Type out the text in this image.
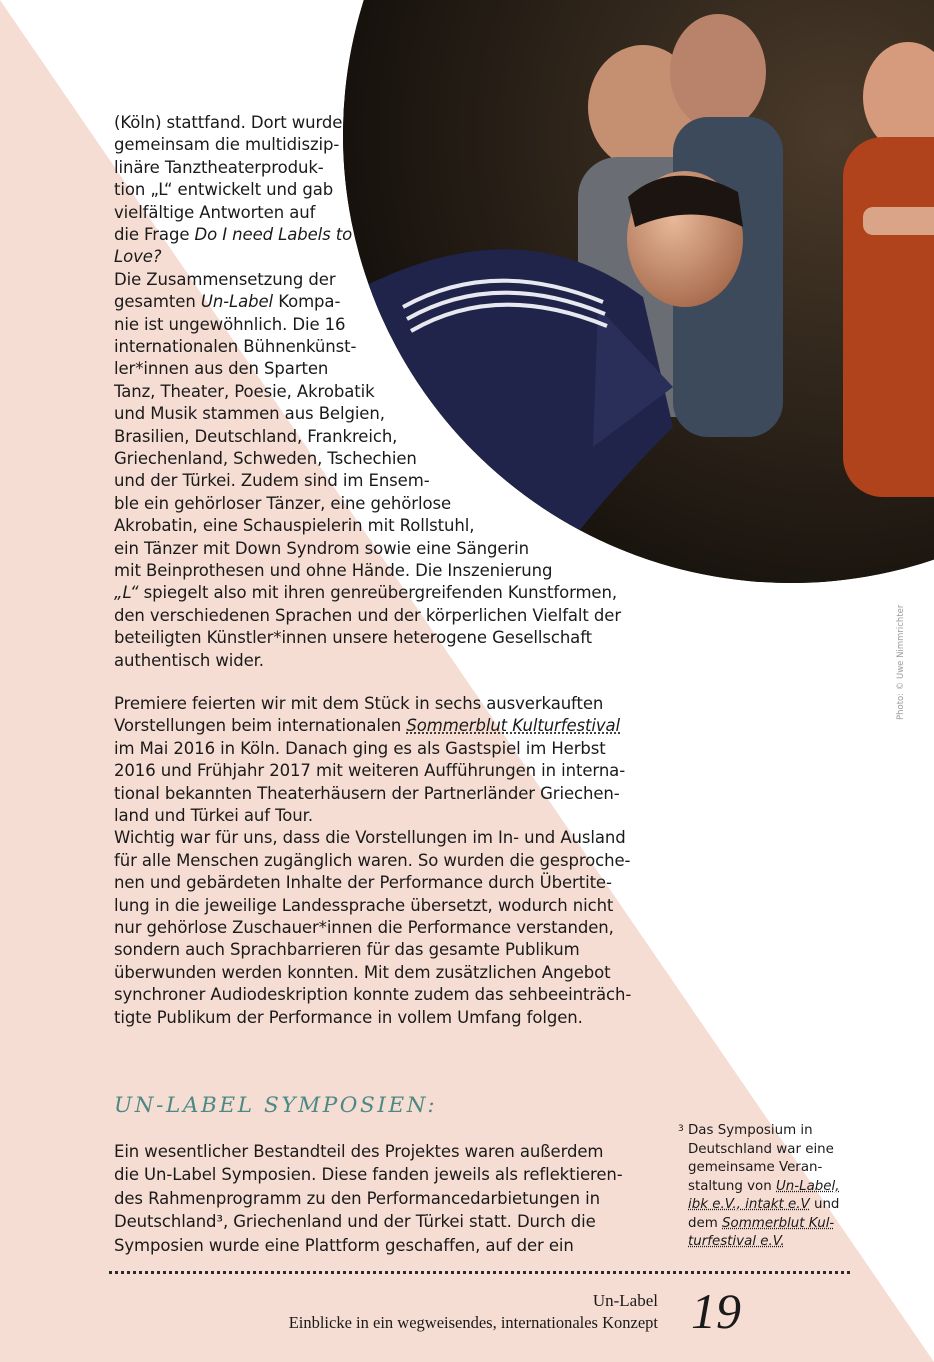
Photo: © Uwe Nimmrichter
(Köln) stattfand. Dort wurde
gemeinsam die multidiszip-
linäre Tanztheaterproduk-
tion „L“ entwickelt und gab
vielfältige Antworten auf
die Frage Do I need Labels to
Love?
Die Zusammensetzung der
gesamten Un-Label Kompa-
nie ist ungewöhnlich. Die 16
internationalen Bühnenkünst-
ler*innen aus den Sparten
Tanz, Theater, Poesie, Akrobatik
und Musik stammen aus Belgien,
Brasilien, Deutschland, Frankreich,
Griechenland, Schweden, Tschechien
und der Türkei. Zudem sind im Ensem-
ble ein gehörloser Tänzer, eine gehörlose
Akrobatin, eine Schauspielerin mit Rollstuhl,
ein Tänzer mit Down Syndrom sowie eine Sängerin
mit Beinprothesen und ohne Hände. Die Inszenierung
„L“ spiegelt also mit ihren genreübergreifenden Kunstformen,
den verschiedenen Sprachen und der körperlichen Vielfalt der
beteiligten Künstler*innen unsere heterogene Gesellschaft
authentisch wider.
Premiere feierten wir mit dem Stück in sechs ausverkauften
Vorstellungen beim internationalen Sommerblut Kulturfestival
im Mai 2016 in Köln. Danach ging es als Gastspiel im Herbst
2016 und Frühjahr 2017 mit weiteren Aufführungen in interna-
tional bekannten Theaterhäusern der Partnerländer Griechen-
land und Türkei auf Tour.
Wichtig war für uns, dass die Vorstellungen im In- und Ausland
für alle Menschen zugänglich waren. So wurden die gesproche-
nen und gebärdeten Inhalte der Performance durch Übertite-
lung in die jeweilige Landessprache übersetzt, wodurch nicht
nur gehörlose Zuschauer*innen die Performance verstanden,
sondern auch Sprachbarrieren für das gesamte Publikum
überwunden werden konnten. Mit dem zusätzlichen Angebot
synchroner Audiodeskription konnte zudem das sehbeeinträch-
tigte Publikum der Performance in vollem Umfang folgen.
UN-LABEL SYMPOSIEN:
Ein wesentlicher Bestandteil des Projektes waren außerdem
die Un-Label Symposien. Diese fanden jeweils als reflektieren-
des Rahmenprogramm zu den Performancedarbietungen in
Deutschland³, Griechenland und der Türkei statt. Durch die
Symposien wurde eine Plattform geschaffen, auf der ein
3 Das Symposium in
Deutschland war eine
gemeinsame Veran-
staltung von Un-Label,
ibk e.V., intakt e.V und
dem Sommerblut Kul-
turfestival e.V.
Un-Label
Einblicke in ein wegweisendes, internationales Konzept 19
